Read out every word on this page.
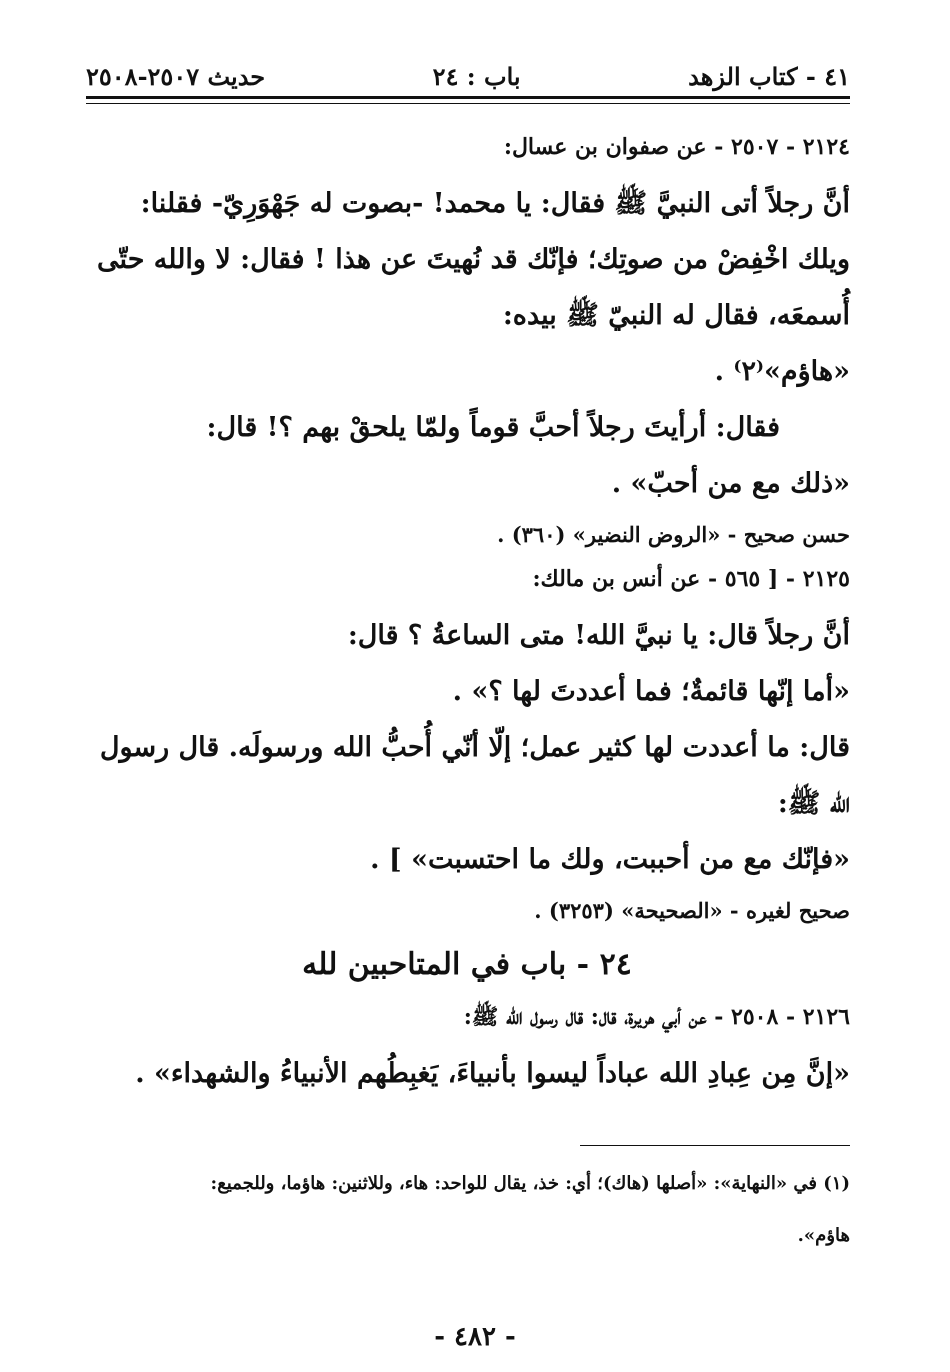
٤١ - كتاب الزهد
باب : ٢٤
حديث ٢٥٠٧-٢٥٠٨
٢١٢٤ - ٢٥٠٧ - عن صفوان بن عسال:
أنَّ رجلاً أتى النبيَّ ﷺ فقال: يا محمد! -بصوت له جَهْوَرِيّ- فقلنا:
ويلك اخْفِضْ من صوتِك؛ فإنّك قد نُهيتَ عن هذا ! فقال: لا والله حتّى
أُسمعَه، فقال له النبيّ ﷺ بيده:
«هاؤم»⁽٢⁾ .
فقال: أرأيتَ رجلاً أحبَّ قوماً ولمّا يلحقْ بهم ؟! قال:
«ذلك مع من أحبّ» .
حسن صحيح - «الروض النضير» (٣٦٠) .
٢١٢٥ - [ ٥٦٥ - عن أنس بن مالك:
أنَّ رجلاً قال: يا نبيَّ الله! متى الساعةُ ؟ قال:
«أما إنّها قائمةٌ؛ فما أعددتَ لها ؟» .
قال: ما أعددت لها كثير عمل؛ إلّا أنّي أُحبُّ الله ورسولَه. قال رسول
الله ﷺ:
«فإنّك مع من أحببت، ولك ما احتسبت» ] .
صحيح لغيره - «الصحيحة» (٣٢٥٣) .
٢٤ - باب في المتاحبين لله
٢١٢٦ - ٢٥٠٨ - عن أبي هريرة، قال: قال رسول الله ﷺ:
«إنَّ مِن عِبادِ الله عباداً ليسوا بأنبياءَ، يَغبِطُهم الأنبياءُ والشهداء» .
(١) في «النهاية»: «أصلها (هاك)؛ أي: خذ، يقال للواحد: هاء، وللاثنين: هاؤما، وللجميع:
هاؤم».
- ٤٨٢ -
